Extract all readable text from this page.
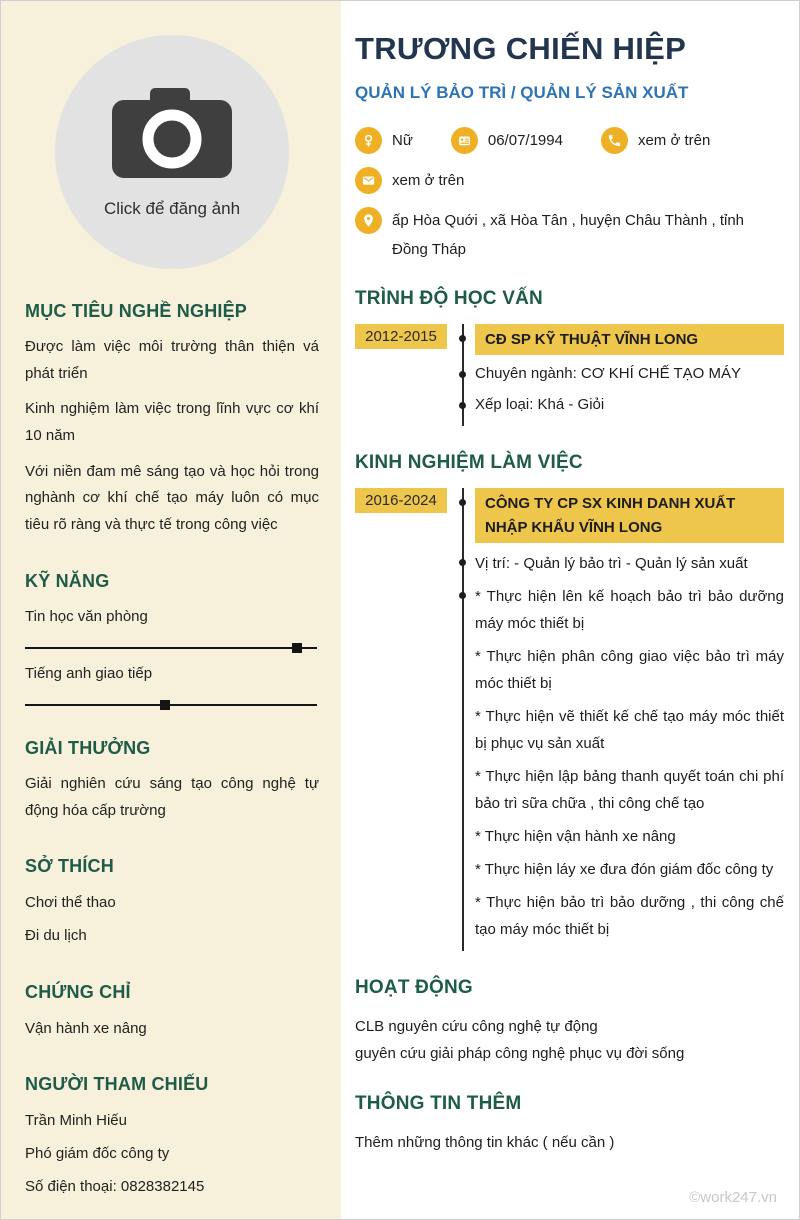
Click để đăng ảnh
MỤC TIÊU NGHỀ NGHIỆP

Được làm việc môi trường thân thiện vá phát triển

Kinh nghiệm làm việc trong lĩnh vực cơ khí 10 năm

Với niền đam mê sáng tạo và học hỏi trong nghành cơ khí chế tạo máy luôn có mục tiêu rõ ràng và thực tế trong công việc

KỸ NĂNG
Tin học văn phòng
Tiếng anh giao tiếp
GIẢI THƯỞNG
Giải nghiên cứu sáng tạo công nghệ tự động hóa cấp trường
SỞ THÍCH
Chơi thể thao
Đi du lịch
CHỨNG CHỈ
Vận hành xe nâng
NGƯỜI THAM CHIẾU
Trần Minh Hiếu
Phó giám đốc công ty
Số điện thoại: 0828382145
TRƯƠNG CHIẾN HIỆP
QUẢN LÝ BẢO TRÌ / QUẢN LÝ SẢN XUẤT
Nữ	06/07/1994	xem ở trên
xem ở trên
ấp Hòa Quới , xã Hòa Tân , huyện Châu Thành , tỉnh Đồng Tháp
TRÌNH ĐỘ HỌC VẤN
2012-2015	CĐ SP KỸ THUẬT VĨNH LONG
Chuyên ngành: CƠ KHÍ CHẾ TẠO MÁY
Xếp loại: Khá - Giỏi
KINH NGHIỆM LÀM VIỆC
2016-2024	CÔNG TY CP SX KINH DANH XUẤT NHẬP KHẨU VĨNH LONG
Vị trí: - Quản lý bảo trì - Quản lý sản xuất
* Thực hiện lên kế hoạch bảo trì bảo dưỡng máy móc thiết bị
* Thực hiện phân công giao việc bảo trì máy móc thiết bị
* Thực hiện vẽ thiết kế chế tạo máy móc thiết bị phục vụ sản xuất
* Thực hiện lập bảng thanh quyết toán chi phí bảo trì sữa chữa , thi công chế tạo
* Thực hiện vận hành xe nâng
* Thực hiện láy xe đưa đón giám đốc công ty
* Thực hiện bảo trì bảo dưỡng , thi công chế tạo máy móc thiết bị
HOẠT ĐỘNG
CLB nguyên cứu công nghệ tự động
guyên cứu giải pháp công nghệ phục vụ đời sống
THÔNG TIN THÊM
Thêm những thông tin khác ( nếu cần )
©work247.vn
